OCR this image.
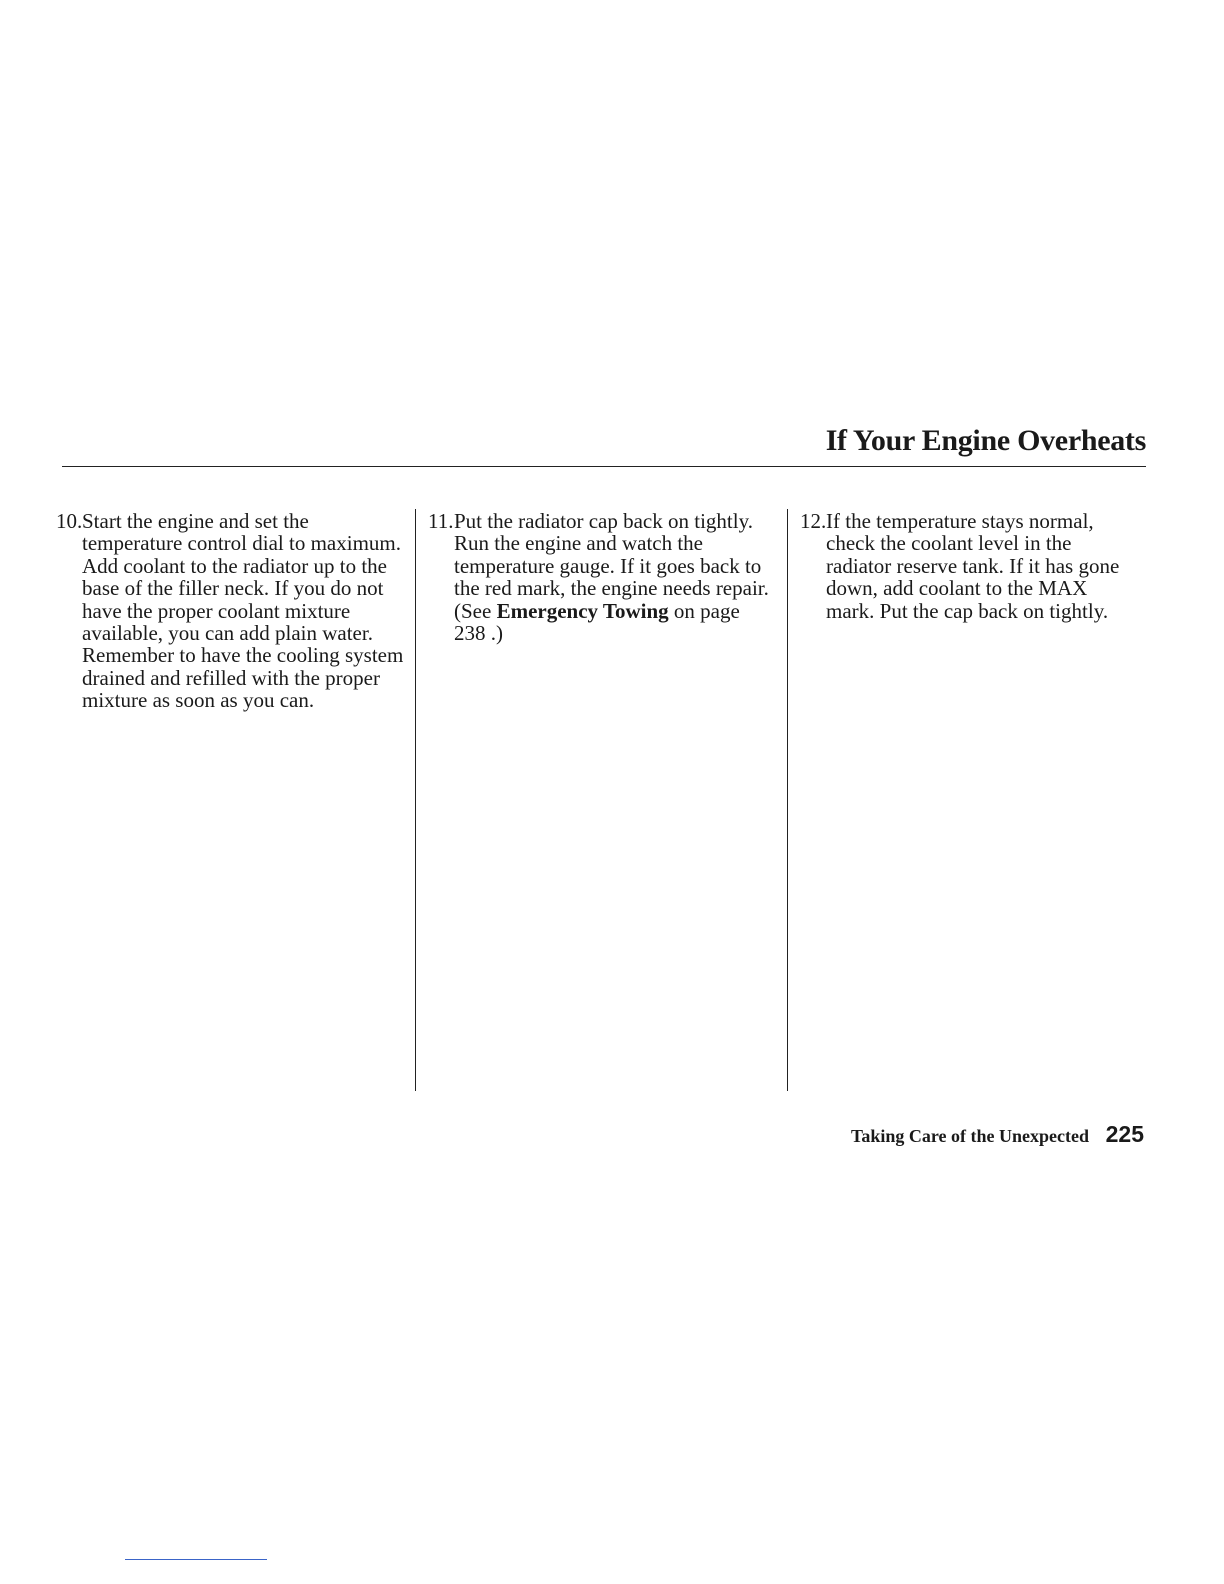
If Your Engine Overheats
10. Start the engine and set the temperature control dial to maximum. Add coolant to the radiator up to the base of the filler neck. If you do not have the proper coolant mixture available, you can add plain water. Remember to have the cooling system drained and refilled with the proper mixture as soon as you can.
11. Put the radiator cap back on tightly. Run the engine and watch the temperature gauge. If it goes back to the red mark, the engine needs repair. (See Emergency Towing on page 238 .)
12. If the temperature stays normal, check the coolant level in the radiator reserve tank. If it has gone down, add coolant to the MAX mark. Put the cap back on tightly.
Taking Care of the Unexpected 225
